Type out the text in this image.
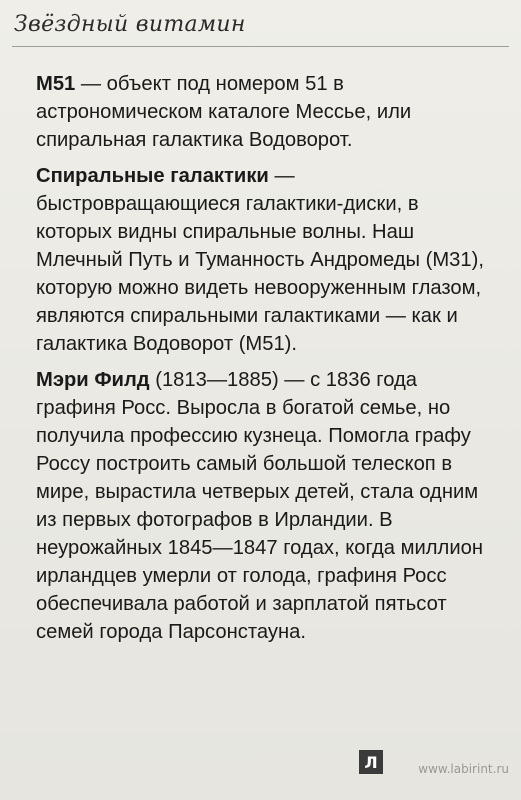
Звёздный витамин

М51 — объект под номером 51 в астрономическом каталоге Мессье, или спиральная галактика Водоворот.

Спиральные галактики — быстровращающиеся галактики-диски, в которых видны спиральные волны. Наш Млечный Путь и Туманность Андромеды (М31), которую можно видеть невооруженным глазом, являются спиральными галактиками — как и галактика Водоворот (М51).

Мэри Филд (1813—1885) — с 1836 года графиня Росс. Выросла в богатой семье, но получила профессию кузнеца. Помогла графу Россу построить самый большой телескоп в мире, вырастила четверых детей, стала одним из первых фотографов в Ирландии. В неурожайных 1845—1847 годах, когда миллион ирландцев умерли от голода, графиня Росс обеспечивала работой и зарплатой пятьсот семей города Парсонстауна.

Л	www.labirint.ru
